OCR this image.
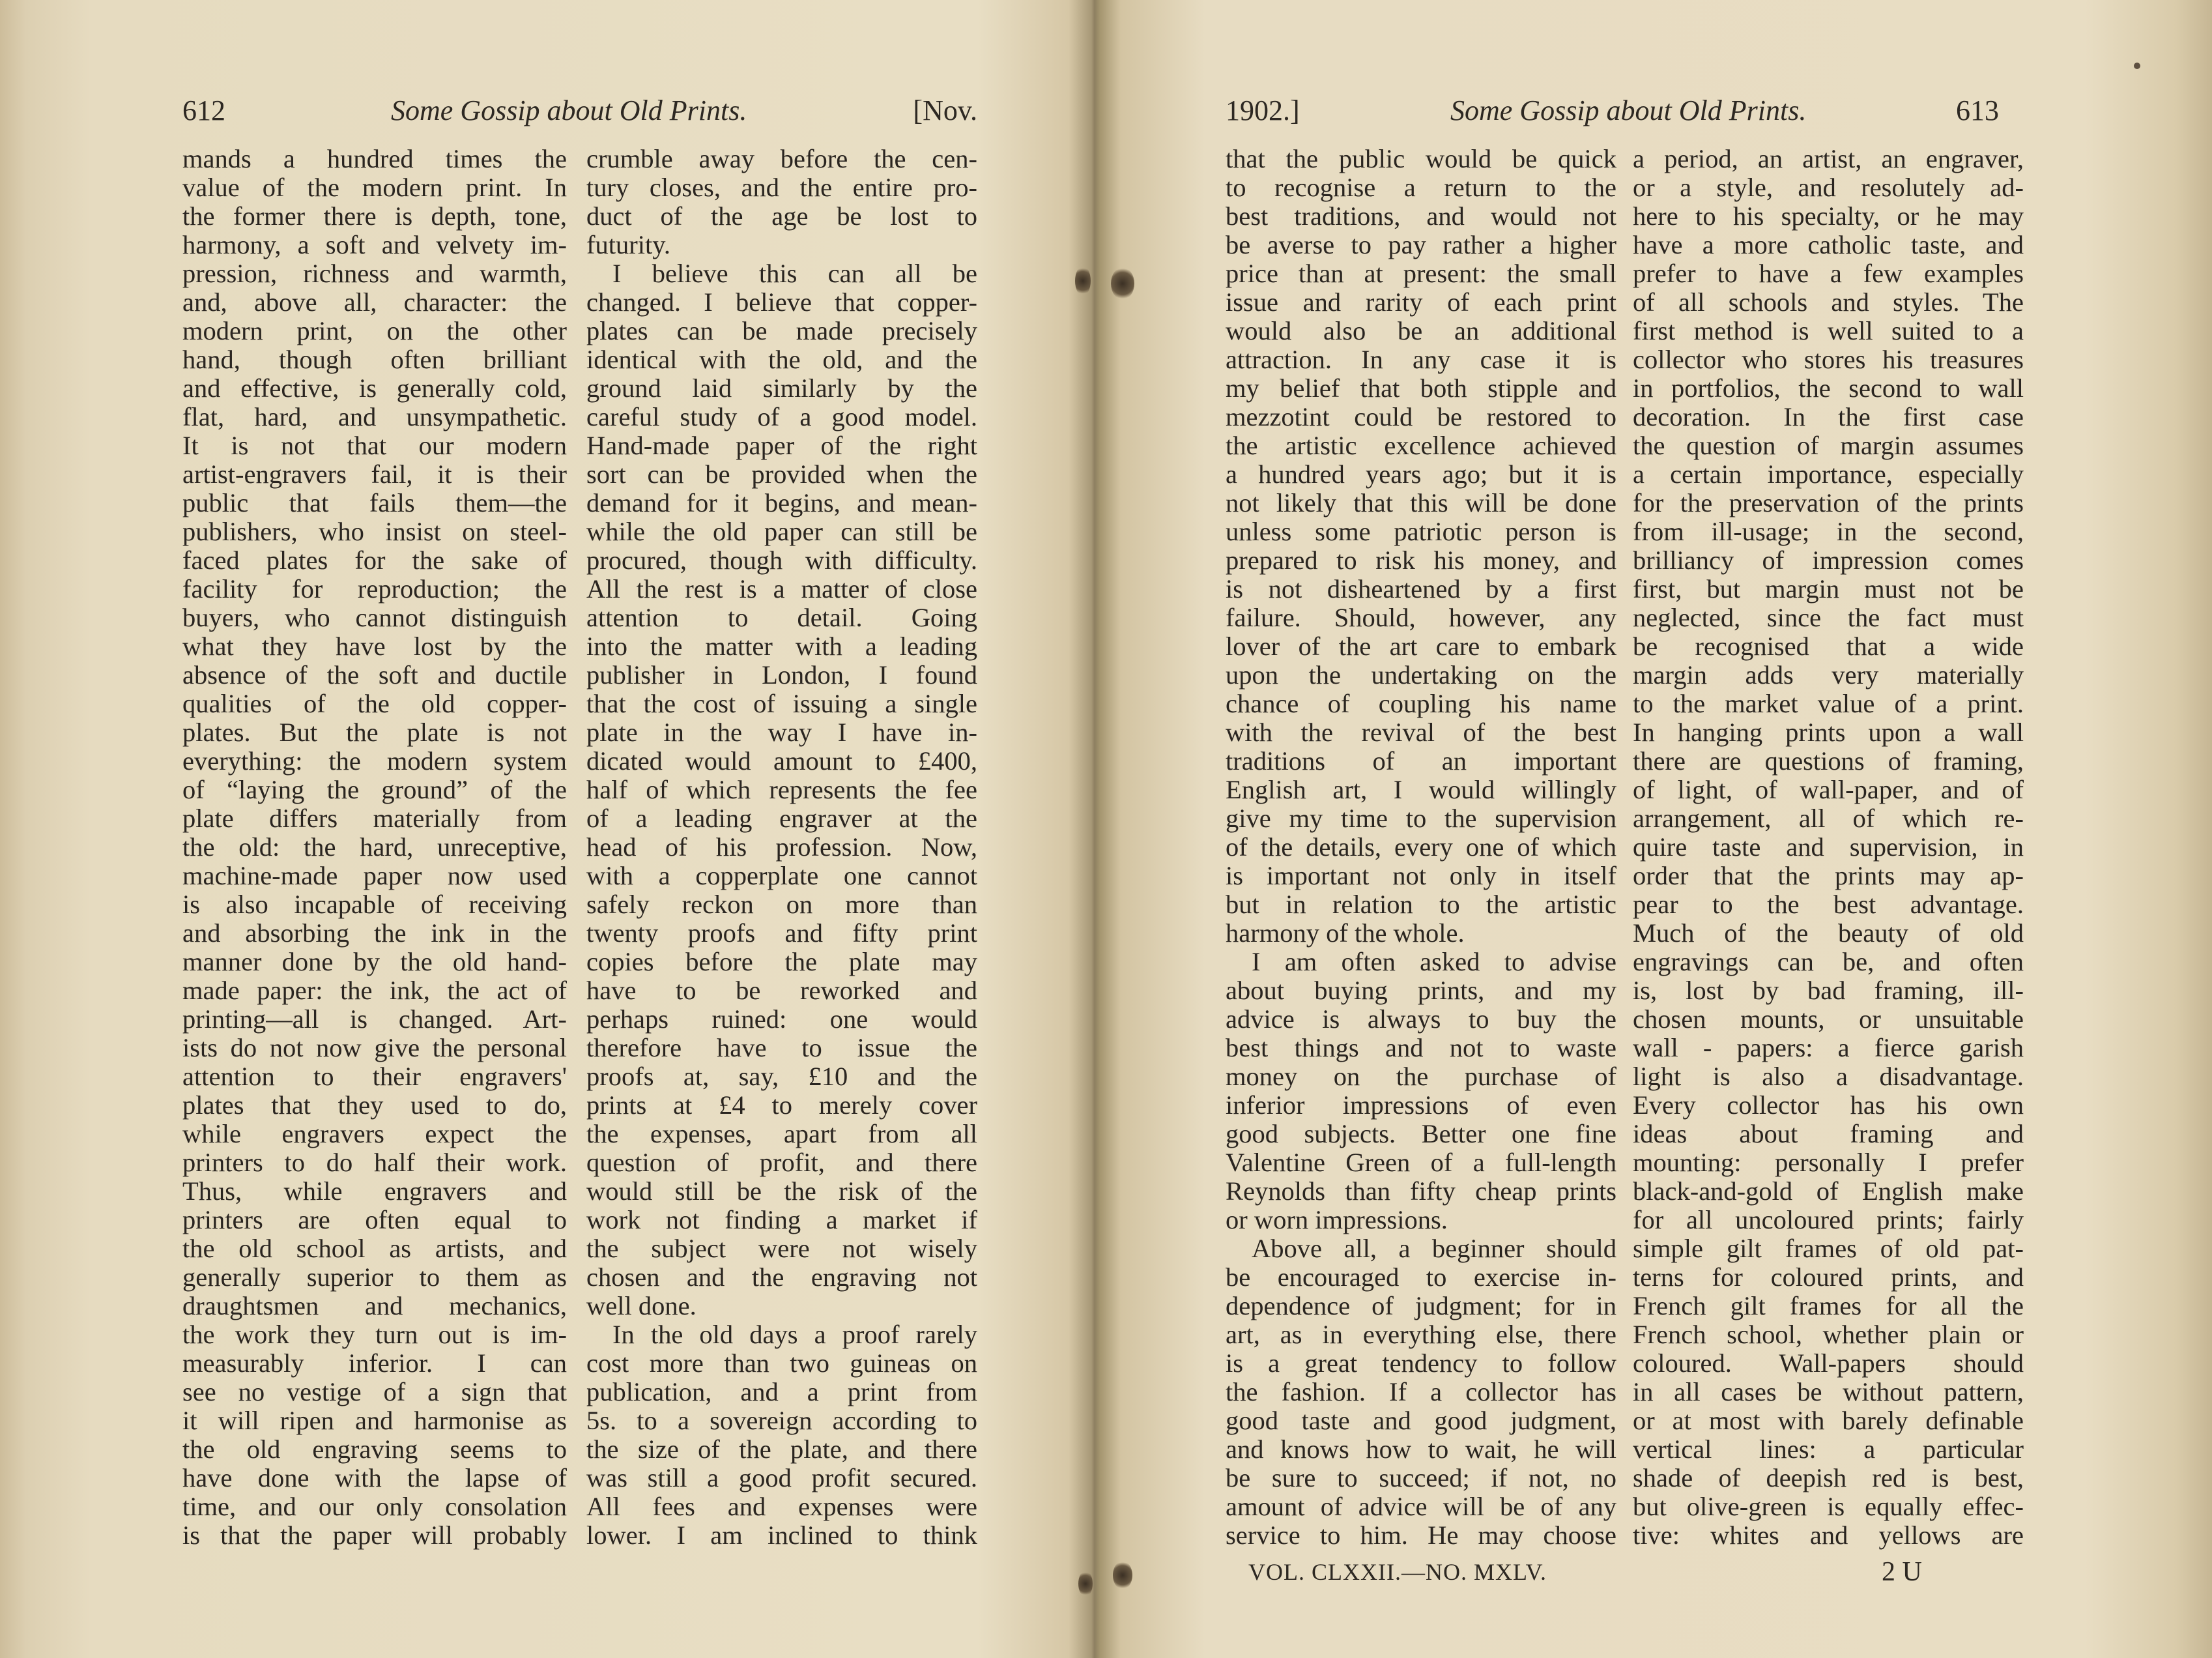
612	Some Gossip about Old Prints.	[Nov.
mands a hundred times the
value of the modern print. In
the former there is depth, tone,
harmony, a soft and velvety im-
pression, richness and warmth,
and, above all, character: the
modern print, on the other
hand, though often brilliant
and effective, is generally cold,
flat, hard, and unsympathetic.
It is not that our modern
artist-engravers fail, it is their
public that fails them—the
publishers, who insist on steel-
faced plates for the sake of
facility for reproduction; the
buyers, who cannot distinguish
what they have lost by the
absence of the soft and ductile
qualities of the old copper-
plates. But the plate is not
everything: the modern system
of “laying the ground” of the
plate differs materially from
the old: the hard, unreceptive,
machine-made paper now used
is also incapable of receiving
and absorbing the ink in the
manner done by the old hand-
made paper: the ink, the act of
printing—all is changed. Art-
ists do not now give the personal
attention to their engravers'
plates that they used to do,
while engravers expect the
printers to do half their work.
Thus, while engravers and
printers are often equal to
the old school as artists, and
generally superior to them as
draughtsmen and mechanics,
the work they turn out is im-
measurably inferior. I can
see no vestige of a sign that
it will ripen and harmonise as
the old engraving seems to
have done with the lapse of
time, and our only consolation
is that the paper will probably
crumble away before the cen-
tury closes, and the entire pro-
duct of the age be lost to
futurity.
I believe this can all be
changed. I believe that copper-
plates can be made precisely
identical with the old, and the
ground laid similarly by the
careful study of a good model.
Hand-made paper of the right
sort can be provided when the
demand for it begins, and mean-
while the old paper can still be
procured, though with difficulty.
All the rest is a matter of close
attention to detail. Going
into the matter with a leading
publisher in London, I found
that the cost of issuing a single
plate in the way I have in-
dicated would amount to £400,
half of which represents the fee
of a leading engraver at the
head of his profession. Now,
with a copperplate one cannot
safely reckon on more than
twenty proofs and fifty print
copies before the plate may
have to be reworked and
perhaps ruined: one would
therefore have to issue the
proofs at, say, £10 and the
prints at £4 to merely cover
the expenses, apart from all
question of profit, and there
would still be the risk of the
work not finding a market if
the subject were not wisely
chosen and the engraving not
well done.
In the old days a proof rarely
cost more than two guineas on
publication, and a print from
5s. to a sovereign according to
the size of the plate, and there
was still a good profit secured.
All fees and expenses were
lower. I am inclined to think
1902.]	Some Gossip about Old Prints.	613
that the public would be quick
to recognise a return to the
best traditions, and would not
be averse to pay rather a higher
price than at present: the small
issue and rarity of each print
would also be an additional
attraction. In any case it is
my belief that both stipple and
mezzotint could be restored to
the artistic excellence achieved
a hundred years ago; but it is
not likely that this will be done
unless some patriotic person is
prepared to risk his money, and
is not disheartened by a first
failure. Should, however, any
lover of the art care to embark
upon the undertaking on the
chance of coupling his name
with the revival of the best
traditions of an important
English art, I would willingly
give my time to the supervision
of the details, every one of which
is important not only in itself
but in relation to the artistic
harmony of the whole.
I am often asked to advise
about buying prints, and my
advice is always to buy the
best things and not to waste
money on the purchase of
inferior impressions of even
good subjects. Better one fine
Valentine Green of a full-length
Reynolds than fifty cheap prints
or worn impressions.
Above all, a beginner should
be encouraged to exercise in-
dependence of judgment; for in
art, as in everything else, there
is a great tendency to follow
the fashion. If a collector has
good taste and good judgment,
and knows how to wait, he will
be sure to succeed; if not, no
amount of advice will be of any
service to him. He may choose
a period, an artist, an engraver,
or a style, and resolutely ad-
here to his specialty, or he may
have a more catholic taste, and
prefer to have a few examples
of all schools and styles. The
first method is well suited to a
collector who stores his treasures
in portfolios, the second to wall
decoration. In the first case
the question of margin assumes
a certain importance, especially
for the preservation of the prints
from ill-usage; in the second,
brilliancy of impression comes
first, but margin must not be
neglected, since the fact must
be recognised that a wide
margin adds very materially
to the market value of a print.
In hanging prints upon a wall
there are questions of framing,
of light, of wall-paper, and of
arrangement, all of which re-
quire taste and supervision, in
order that the prints may ap-
pear to the best advantage.
Much of the beauty of old
engravings can be, and often
is, lost by bad framing, ill-
chosen mounts, or unsuitable
wall - papers: a fierce garish
light is also a disadvantage.
Every collector has his own
ideas about framing and
mounting: personally I prefer
black-and-gold of English make
for all uncoloured prints; fairly
simple gilt frames of old pat-
terns for coloured prints, and
French gilt frames for all the
French school, whether plain or
coloured. Wall-papers should
in all cases be without pattern,
or at most with barely definable
vertical lines: a particular
shade of deepish red is best,
but olive-green is equally effec-
tive: whites and yellows are
VOL. CLXXII.—NO. MXLV.	2 U
